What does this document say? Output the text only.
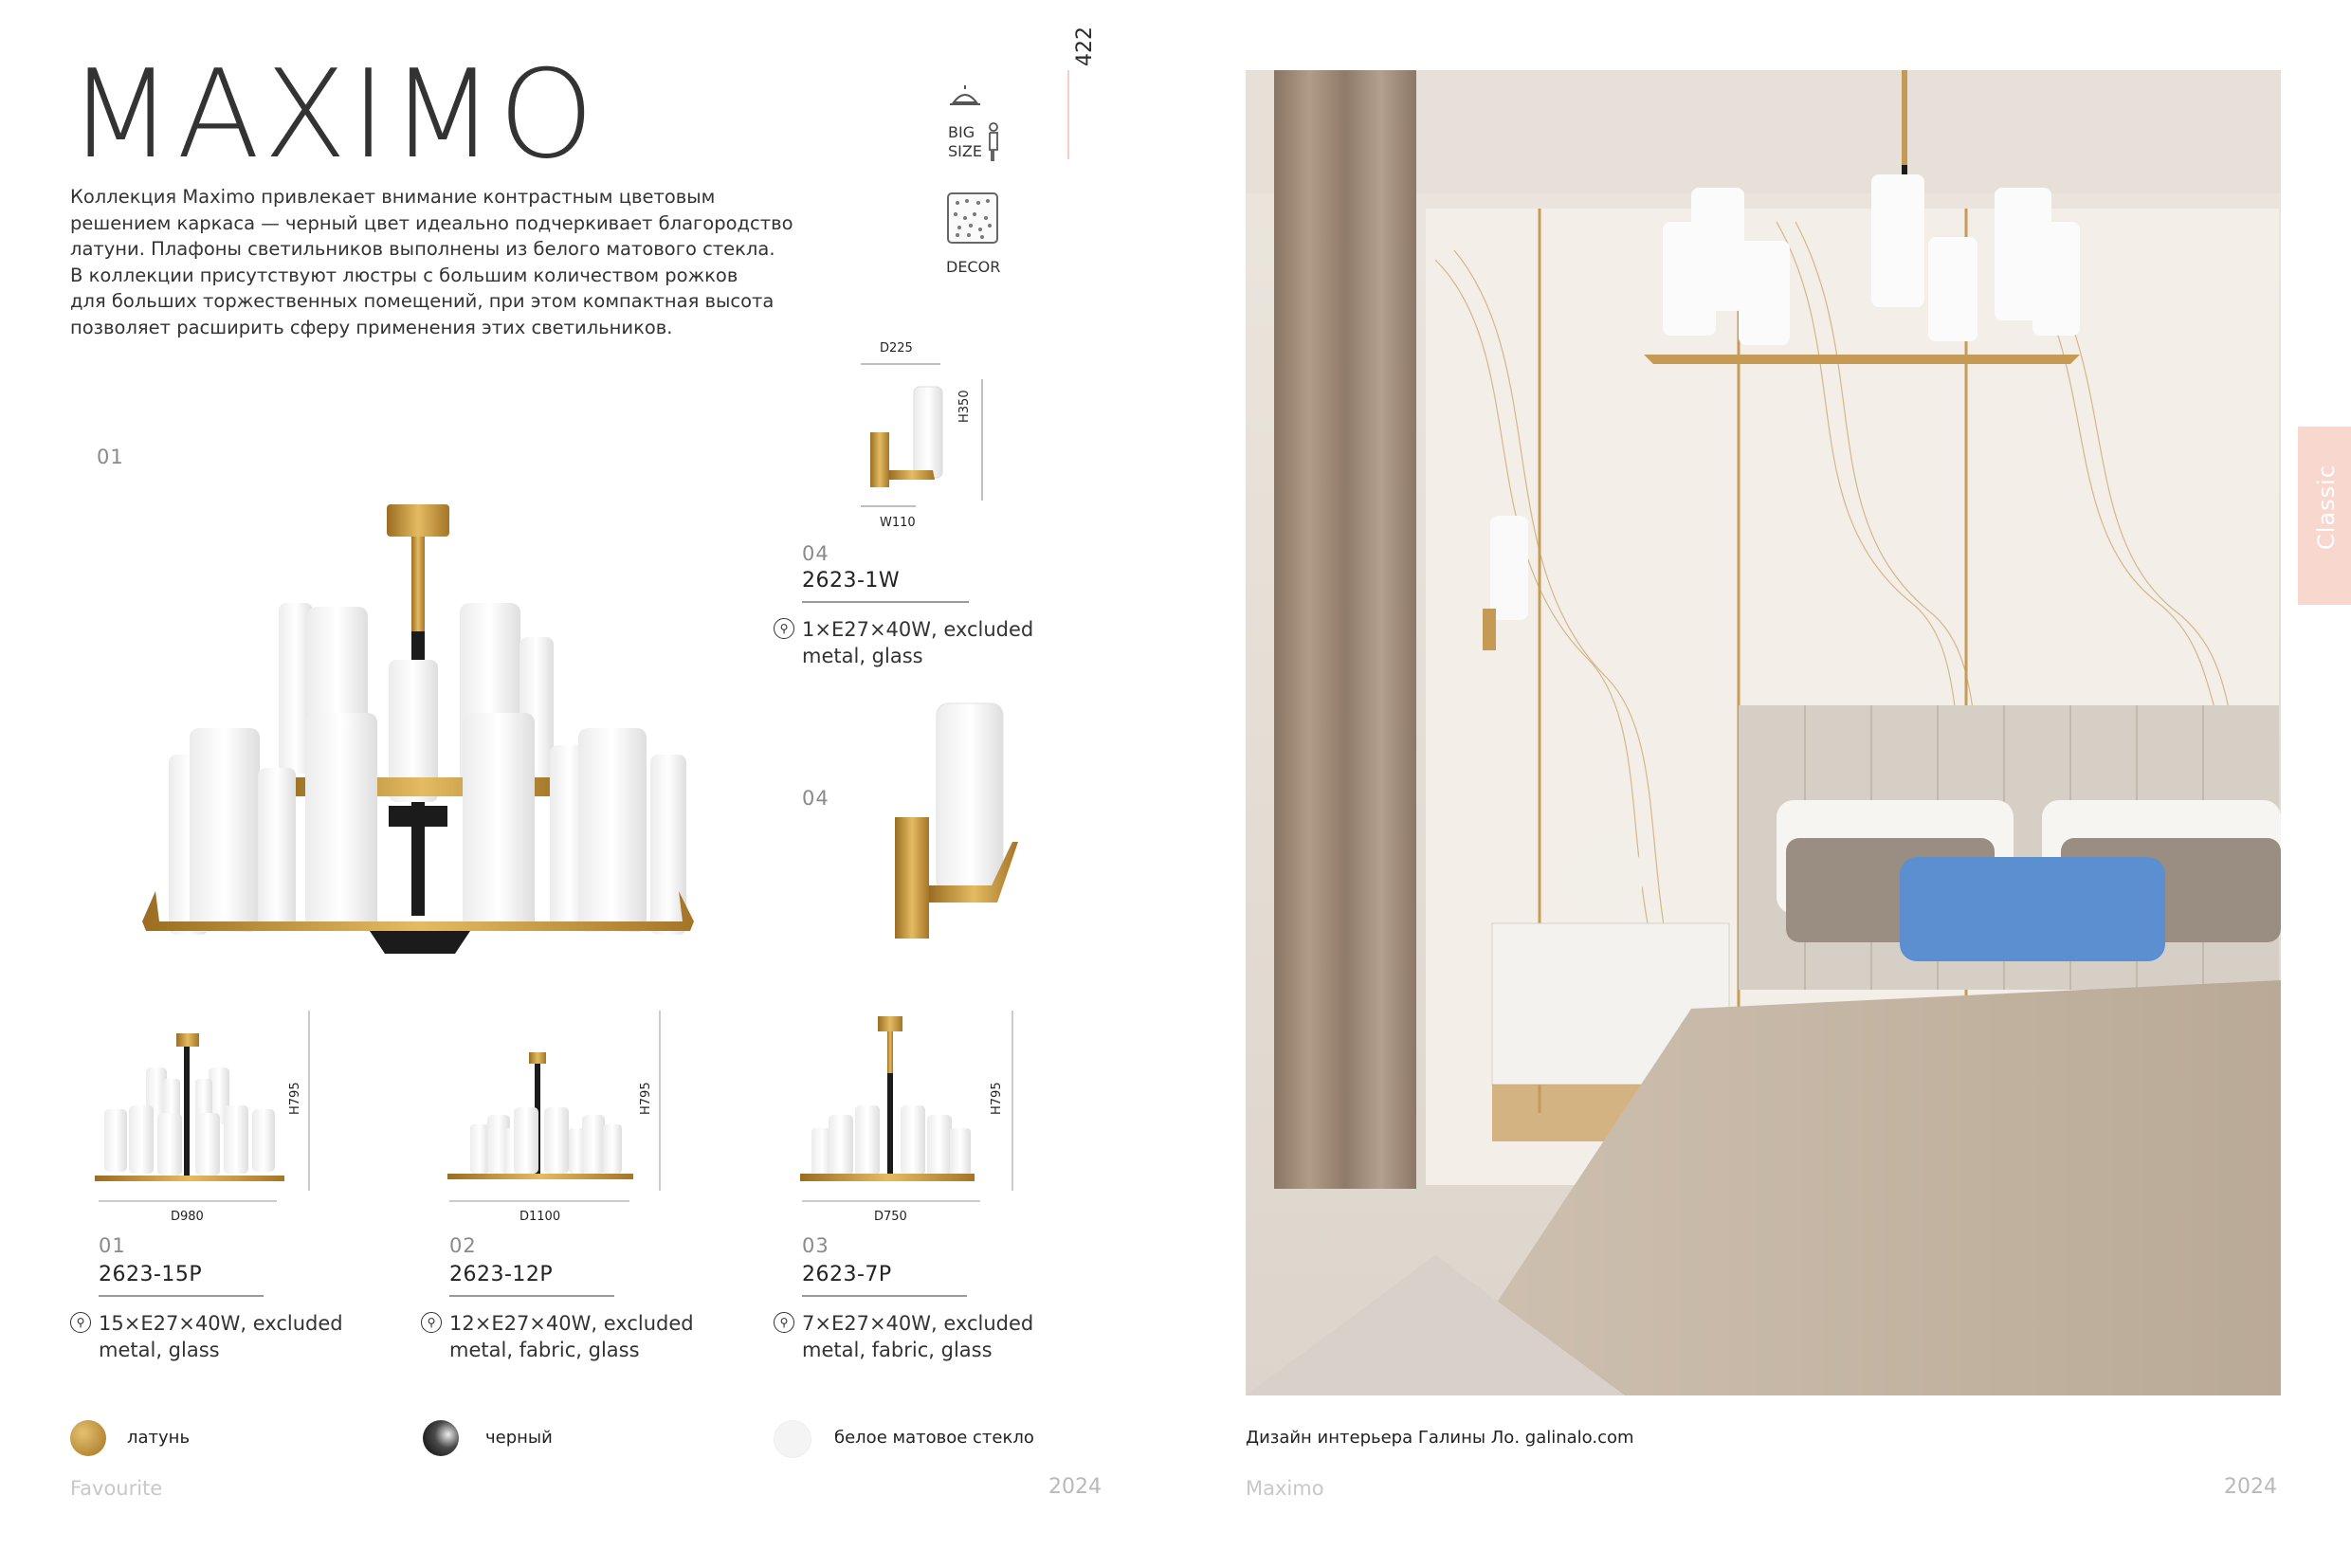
MAXIMO
Коллекция Maximo привлекает внимание контрастным цветовым
решением каркаса — черный цвет идеально подчеркивает благородство
латуни. Плафоны светильников выполнены из белого матового стекла.
В коллекции присутствуют люстры с большим количеством рожков
для больших торжественных помещений, при этом компактная высота
позволяет расширить сферу применения этих светильников.
BIG
SIZE
DECOR
422
01
D225
H350
W110
04
2623-1W
⚲ 1×E27×40W, excluded
metal, glass
04
H795
D980
01
2623-15P
⚲ 15×E27×40W, excluded
metal, glass
H795
D1100
02
2623-12P
⚲ 12×E27×40W, excluded
metal, fabric, glass
H795
D750
03
2623-7P
⚲ 7×E27×40W, excluded
metal, fabric, glass
латунь	черный	белое матовое стекло
Favourite	2024
Classic
Дизайн интерьера Галины Ло. galinalo.com
Maximo	2024
